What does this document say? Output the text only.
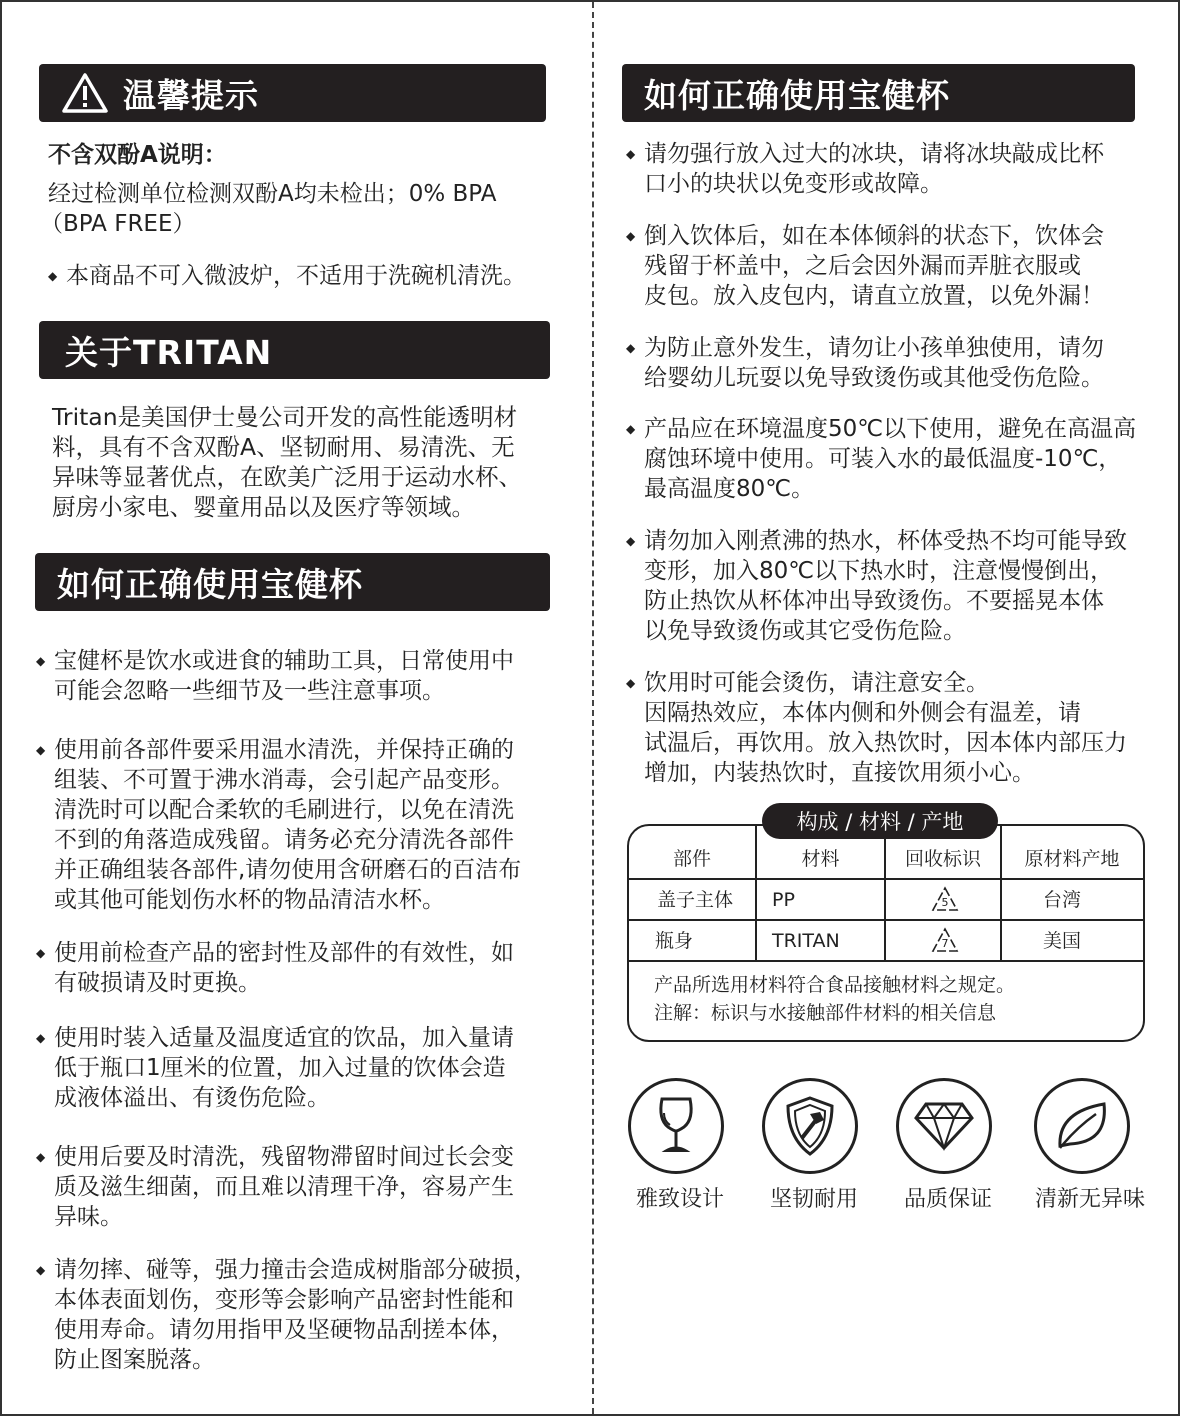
温馨提示
不含双酚A说明：
经过检测单位检测双酚A均未检出；0% BPA
（BPA FREE）
◆ 本商品不可入微波炉，不适用于洗碗机清洗。
关于TRITAN
Tritan是美国伊士曼公司开发的高性能透明材
料，具有不含双酚A、坚韧耐用、易清洗、无
异味等显著优点，在欧美广泛用于运动水杯、
厨房小家电、婴童用品以及医疗等领域。
如何正确使用宝健杯
◆ 宝健杯是饮水或进食的辅助工具，日常使用中
可能会忽略一些细节及一些注意事项。
◆ 使用前各部件要采用温水清洗，并保持正确的
组装、不可置于沸水消毒，会引起产品变形。
清洗时可以配合柔软的毛刷进行，以免在清洗
不到的角落造成残留。请务必充分清洗各部件
并正确组装各部件,请勿使用含研磨石的百洁布
或其他可能划伤水杯的物品清洁水杯。
◆ 使用前检查产品的密封性及部件的有效性，如
有破损请及时更换。
◆ 使用时装入适量及温度适宜的饮品，加入量请
低于瓶口1厘米的位置，加入过量的饮体会造
成液体溢出、有烫伤危险。
◆ 使用后要及时清洗，残留物滞留时间过长会变
质及滋生细菌，而且难以清理干净，容易产生
异味。
◆ 请勿摔、碰等，强力撞击会造成树脂部分破损，
本体表面划伤，变形等会影响产品密封性能和
使用寿命。请勿用指甲及坚硬物品刮搓本体，
防止图案脱落。
如何正确使用宝健杯
◆ 请勿强行放入过大的冰块，请将冰块敲成比杯
口小的块状以免变形或故障。
◆ 倒入饮体后，如在本体倾斜的状态下，饮体会
残留于杯盖中，之后会因外漏而弄脏衣服或
皮包。放入皮包内，请直立放置，以免外漏！
◆ 为防止意外发生，请勿让小孩单独使用，请勿
给婴幼儿玩耍以免导致烫伤或其他受伤危险。
◆ 产品应在环境温度50℃以下使用，避免在高温高
腐蚀环境中使用。可装入水的最低温度-10℃，
最高温度80℃。
◆ 请勿加入刚煮沸的热水，杯体受热不均可能导致
变形，加入80℃以下热水时，注意慢慢倒出，
防止热饮从杯体冲出导致烫伤。不要摇晃本体
以免导致烫伤或其它受伤危险。
◆ 饮用时可能会烫伤，请注意安全。
因隔热效应，本体内侧和外侧会有温差，请
试温后，再饮用。放入热饮时，因本体内部压力
增加，内装热饮时，直接饮用须小心。
构成 / 材料 / 产地
部件	材料	回收标识	原材料产地
盖子主体	PP	5	台湾
瓶身	TRITAN	7	美国
产品所选用材料符合食品接触材料之规定。
注解：标识与水接触部件材料的相关信息
雅致设计	坚韧耐用	品质保证	清新无异味
